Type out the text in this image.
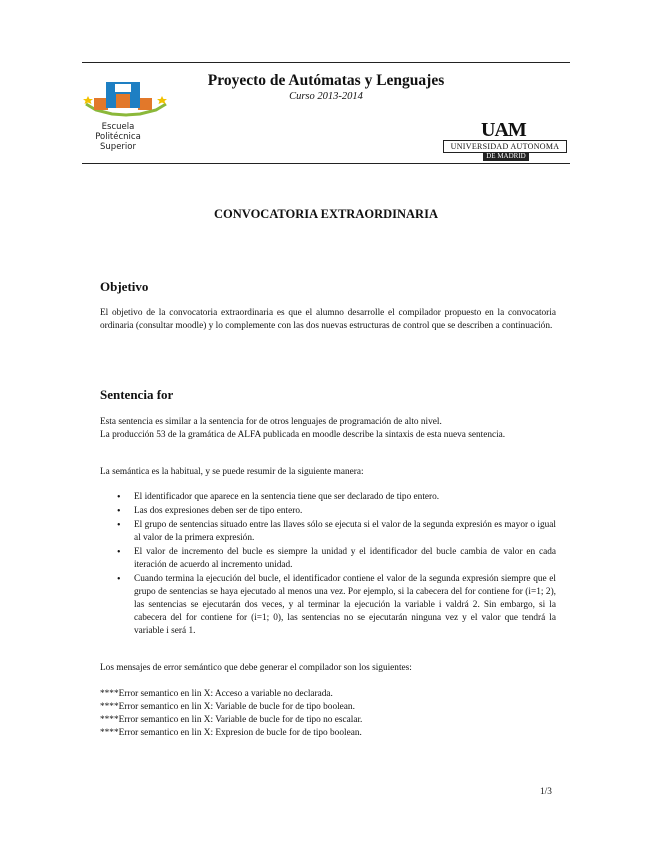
Escuela
Politécnica
Superior
Proyecto de Autómatas y Lenguajes
Curso 2013-2014
UAM
UNIVERSIDAD AUTONOMA
DE MADRID
CONVOCATORIA EXTRAORDINARIA
Objetivo
El objetivo de la convocatoria extraordinaria es que el alumno desarrolle el compilador propuesto en la convocatoria ordinaria (consultar moodle) y lo complemente con las dos nuevas estructuras de control que se describen a continuación.
Sentencia for
Esta sentencia es similar a la sentencia for de otros lenguajes de programación de alto nivel.
La producción 53 de la gramática de ALFA publicada en moodle describe la sintaxis de esta nueva sentencia.
La semántica es la habitual, y se puede resumir de la siguiente manera:
• El identificador que aparece en la sentencia tiene que ser declarado de tipo entero.
• Las dos expresiones deben ser de tipo entero.
• El grupo de sentencias situado entre las llaves sólo se ejecuta si el valor de la segunda expresión es mayor o igual al valor de la primera expresión.
• El valor de incremento del bucle es siempre la unidad y el identificador del bucle cambia de valor en cada iteración de acuerdo al incremento unidad.
• Cuando termina la ejecución del bucle, el identificador contiene el valor de la segunda expresión siempre que el grupo de sentencias se haya ejecutado al menos una vez. Por ejemplo, si la cabecera del for contiene for (i=1; 2), las sentencias se ejecutarán dos veces, y al terminar la ejecución la variable i valdrá 2. Sin embargo, si la cabecera del for contiene for (i=1; 0), las sentencias no se ejecutarán ninguna vez y el valor que tendrá la variable i será 1.
Los mensajes de error semántico que debe generar el compilador son los siguientes:
****Error semantico en lin X: Acceso a variable no declarada.
****Error semantico en lin X: Variable de bucle for de tipo boolean.
****Error semantico en lin X: Variable de bucle for de tipo no escalar.
****Error semantico en lin X: Expresion de bucle for de tipo boolean.
1/3
